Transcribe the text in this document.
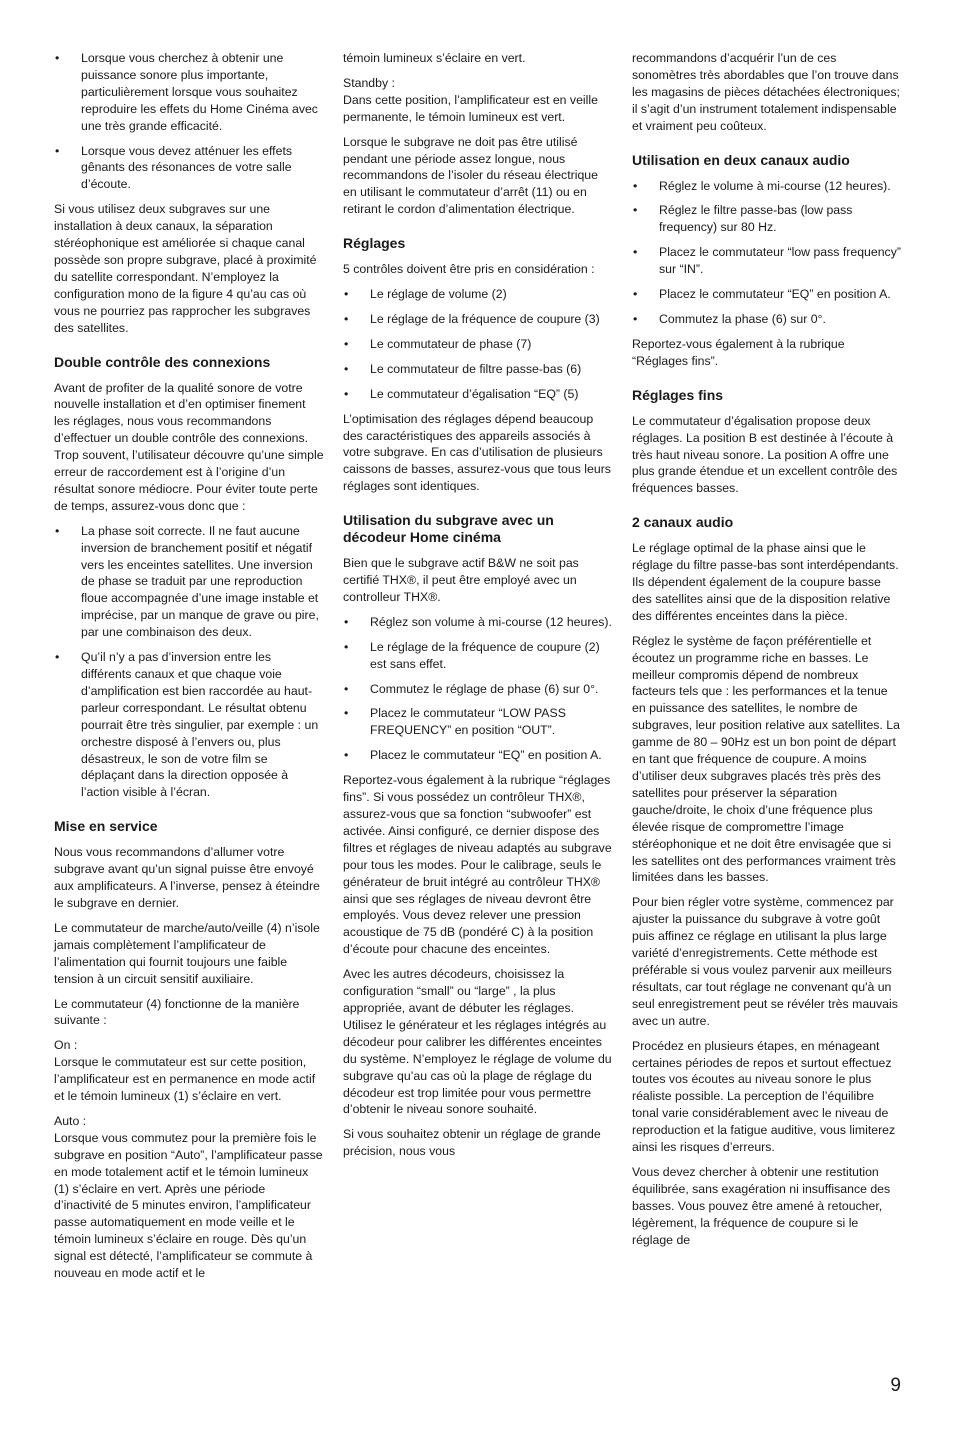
• Lorsque vous cherchez à obtenir une puissance sonore plus importante, particulièrement lorsque vous souhaitez reproduire les effets du Home Cinéma avec une très grande efficacité.
• Lorsque vous devez atténuer les effets gênants des résonances de votre salle d’écoute.

Si vous utilisez deux subgraves sur une installation à deux canaux, la séparation stéréophonique est améliorée si chaque canal possède son propre subgrave, placé à proximité du satellite correspondant. N’employez la configuration mono de la figure 4 qu’au cas où vous ne pourriez pas rapprocher les subgraves des satellites.

Double contrôle des connexions

Avant de profiter de la qualité sonore de votre nouvelle installation et d’en optimiser finement les réglages, nous vous recommandons d’effectuer un double contrôle des connexions. Trop souvent, l’utilisateur découvre qu’une simple erreur de raccordement est à l’origine d’un résultat sonore médiocre. Pour éviter toute perte de temps, assurez-vous donc que :

• La phase soit correcte. Il ne faut aucune inversion de branchement positif et négatif vers les enceintes satellites. Une inversion de phase se traduit par une reproduction floue accompagnée d’une image instable et imprécise, par un manque de grave ou pire, par une combinaison des deux.
• Qu’il n’y a pas d’inversion entre les différents canaux et que chaque voie d’amplification est bien raccordée au haut-parleur correspondant. Le résultat obtenu pourrait être très singulier, par exemple : un orchestre disposé à l’envers ou, plus désastreux, le son de votre film se déplaçant dans la direction opposée à l’action visible à l’écran.
Mise en service

Nous vous recommandons d’allumer votre subgrave avant qu’un signal puisse être envoyé aux amplificateurs. A l’inverse, pensez à éteindre le subgrave en dernier.

Le commutateur de marche/auto/veille (4) n’isole jamais complètement l’amplificateur de l’alimentation qui fournit toujours une faible tension à un circuit sensitif auxiliaire.

Le commutateur (4) fonctionne de la manière suivante :

On :
Lorsque le commutateur est sur cette position, l’amplificateur est en permanence en mode actif et le témoin lumineux (1) s’éclaire en vert.

Auto :
Lorsque vous commutez pour la première fois le subgrave en position “Auto”, l’amplificateur passe en mode totalement actif et le témoin lumineux (1) s’éclaire en vert. Après une période d’inactivité de 5 minutes environ, l’amplificateur passe automatiquement en mode veille et le témoin lumineux s’éclaire en rouge. Dès qu’un signal est détecté, l’amplificateur se commute à nouveau en mode actif et le

témoin lumineux s’éclaire en vert.

Standby :
Dans cette position, l’amplificateur est en veille permanente, le témoin lumineux est vert.

Lorsque le subgrave ne doit pas être utilisé pendant une période assez longue, nous recommandons de l’isoler du réseau électrique en utilisant le commutateur d’arrêt (11) ou en retirant le cordon d’alimentation électrique.

Réglages

5 contrôles doivent être pris en considération :

• Le réglage de volume (2)
• Le réglage de la fréquence de coupure (3)
• Le commutateur de phase (7)
• Le commutateur de filtre passe-bas (6)
• Le commutateur d’égalisation “EQ” (5)

L’optimisation des réglages dépend beaucoup des caractéristiques des appareils associés à votre subgrave. En cas d’utilisation de plusieurs caissons de basses, assurez-vous que tous leurs réglages sont identiques.

Utilisation du subgrave avec un décodeur Home cinéma

Bien que le subgrave actif B&W ne soit pas certifié THX®, il peut être employé avec un controlleur THX®.

• Réglez son volume à mi-course (12 heures).
• Le réglage de la fréquence de coupure (2) est sans effet.
• Commutez le réglage de phase (6) sur 0°.
• Placez le commutateur “LOW PASS FREQUENCY” en position “OUT”.
• Placez le commutateur “EQ” en position A.

Reportez-vous également à la rubrique “réglages fins”. Si vous possédez un contrôleur THX®, assurez-vous que sa fonction “subwoofer” est activée. Ainsi configuré, ce dernier dispose des filtres et réglages de niveau adaptés au subgrave pour tous les modes. Pour le calibrage, seuls le générateur de bruit intégré au contrôleur THX® ainsi que ses réglages de niveau devront être employés. Vous devez relever une pression acoustique de 75 dB (pondéré C) à la position d’écoute pour chacune des enceintes.

Avec les autres décodeurs, choisissez la configuration “small” ou “large” , la plus appropriée, avant de débuter les réglages. Utilisez le générateur et les réglages intégrés au décodeur pour calibrer les différentes enceintes du système. N’employez le réglage de volume du subgrave qu’au cas où la plage de réglage du décodeur est trop limitée pour vous permettre d’obtenir le niveau sonore souhaité.

Si vous souhaitez obtenir un réglage de grande précision, nous vous

recommandons d’acquérir l’un de ces sonomètres très abordables que l’on trouve dans les magasins de pièces détachées électroniques; il s’agit d’un instrument totalement indispensable et vraiment peu coûteux.

Utilisation en deux canaux audio
• Réglez le volume à mi-course (12 heures).
• Réglez le filtre passe-bas (low pass frequency) sur 80 Hz.
• Placez le commutateur “low pass frequency” sur “IN”.
• Placez le commutateur “EQ” en position A.
• Commutez la phase (6) sur 0°.

Reportez-vous également à la rubrique “Réglages fins”.

Réglages fins

Le commutateur d’égalisation propose deux réglages. La position B est destinée à l’écoute à très haut niveau sonore. La position A offre une plus grande étendue et un excellent contrôle des fréquences basses.

2 canaux audio

Le réglage optimal de la phase ainsi que le réglage du filtre passe-bas sont interdépendants. Ils dépendent également de la coupure basse des satellites ainsi que de la disposition relative des différentes enceintes dans la pièce.

Réglez le système de façon préférentielle et écoutez un programme riche en basses. Le meilleur compromis dépend de nombreux facteurs tels que : les performances et la tenue en puissance des satellites, le nombre de subgraves, leur position relative aux satellites. La gamme de 80 – 90Hz est un bon point de départ en tant que fréquence de coupure. A moins d’utiliser deux subgraves placés très près des satellites pour préserver la séparation gauche/droite, le choix d’une fréquence plus élevée risque de compromettre l’image stéréophonique et ne doit être envisagée que si les satellites ont des performances vraiment très limitées dans les basses.

Pour bien régler votre système, commencez par ajuster la puissance du subgrave à votre goût puis affinez ce réglage en utilisant la plus large variété d’enregistrements. Cette méthode est préférable si vous voulez parvenir aux meilleurs résultats, car tout réglage ne convenant qu'à un seul enregistrement peut se révéler très mauvais avec un autre.

Procédez en plusieurs étapes, en ménageant certaines périodes de repos et surtout effectuez toutes vos écoutes au niveau sonore le plus réaliste possible. La perception de l’équilibre tonal varie considérablement avec le niveau de reproduction et la fatigue auditive, vous limiterez ainsi les risques d’erreurs.

Vous devez chercher à obtenir une restitution équilibrée, sans exagération ni insuffisance des basses. Vous pouvez être amené à retoucher, légèrement, la fréquence de coupure si le réglage de

9
